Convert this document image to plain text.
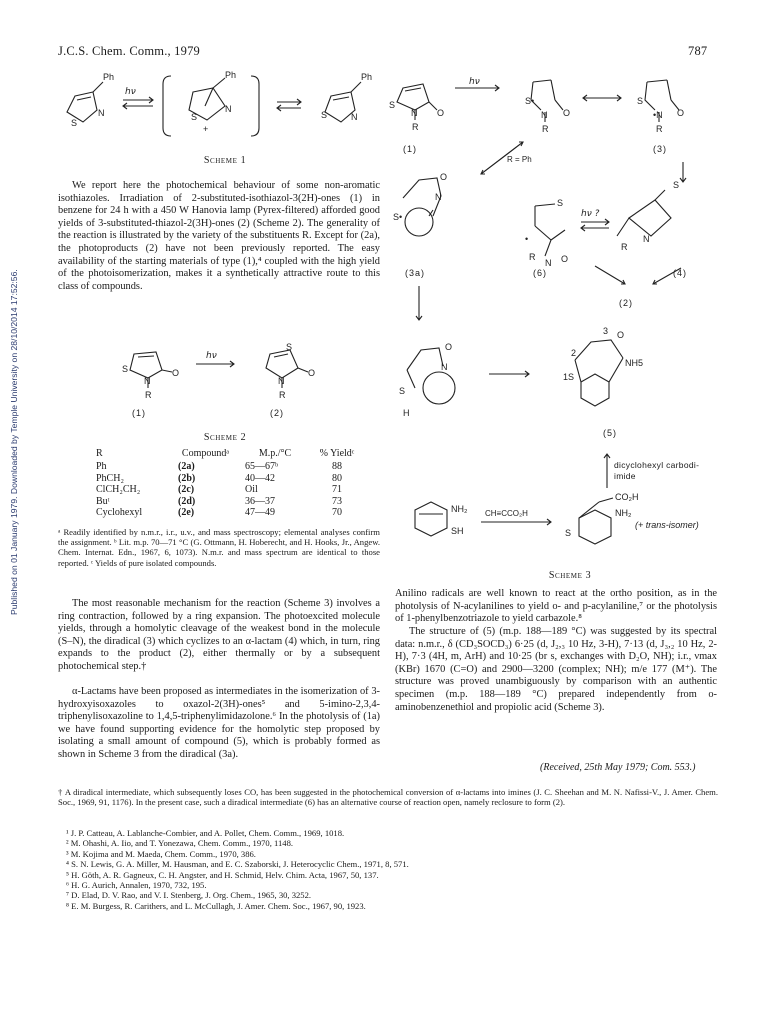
J.C.S. Chem. Comm., 1979	787
Published on 01 January 1979. Downloaded by Temple University on 28/10/2014 17:52:56.
Ph
S
N
Ph
S
N
+
Ph
S	N
hν
Scheme 1
We report here the photochemical behaviour of some non-aromatic isothiazoles. Irradiation of 2-substituted-isothiazol-3(2H)-ones (1) in benzene for 24 h with a 450 W Hanovia lamp (Pyrex-filtered) afforded good yields of 3-substituted-thiazol-2(3H)-ones (2) (Scheme 2). The generality of the reaction is illustrated by the variety of the substituents R. Except for (2a), the photoproducts (2) have not been previously reported. The easy availability of the starting materials of type (1),⁴ coupled with the high yield of the photoisomerization, makes it a synthetically attractive route to this class of compounds.
S
N
O
R
S
N
O
R
hν
(1)	(2)
Scheme 2
R	Compoundᵃ	M.p./°C	% Yieldᶜ
Ph	(2a)	65—67ᵇ	88
PhCH₂	(2b)	40—42	80
ClCH₂CH₂	(2c)	Oil	71
Buᵗ	(2d)	36—37	73
Cyclohexyl	(2e)	47—49	70
ᵃ Readily identified by n.m.r., i.r., u.v., and mass spectroscopy; elemental analyses confirm the assignment. ᵇ Lit. m.p. 70—71 °C (G. Ottmann, H. Hoberecht, and H. Hooks, Jr., Angew. Chem. Internat. Edn., 1967, 6, 1073). N.m.r. and mass spectrum are identical to those reported. ᶜ Yields of pure isolated compounds.
The most reasonable mechanism for the reaction (Scheme 3) involves a ring contraction, followed by a ring expansion. The photoexcited molecule yields, through a homolytic cleavage of the weakest bond in the molecule (S–N), the diradical (3) which cyclizes to an α-lactam (4) which, in turn, ring expands to the product (2), either thermally or by a subsequent photochemical step.†
α-Lactams have been proposed as intermediates in the isomerization of 3-hydroxyisoxazoles to oxazol-2(3H)-ones⁵ and 5-imino-2,3,4-triphenylisoxazoline to 1,4,5-triphenylimidazolone.⁶ In the photolysis of (1a) we have found supporting evidence for the homolytic step proposed by isolating a small amount of compound (5), which is probably formed as shown in Scheme 3 from the diradical (3a).
S
N O
R
S•
N O
R
S
•N O
R
O
N
S•
S
•
R
N O
S
R
N
O
N
S
H
O
3
2
NH5
1S
NH₂
SH
CO₂H
NH₂
S
hν
hν ?
R = Ph
(1)	(3)
(3a)	(6)	(4)
(2)
(5)
CH≡CCO₂H
(+ trans-isomer)
dicyclohexyl carbodi-imide
Scheme 3
Anilino radicals are well known to react at the ortho position, as in the photolysis of N-acylanilines to yield o- and p-acylaniline,⁷ or the photolysis of 1-phenylbenzotriazole to yield carbazole.⁸
The structure of (5) (m.p. 188—189 °C) was suggested by its spectral data: n.m.r., δ (CD₃SOCD₃) 6·25 (d, J₂,₃ 10 Hz, 3-H), 7·13 (d, J₃,₂ 10 Hz, 2-H), 7·3 (4H, m, ArH) and 10·25 (br s, exchanges with D₂O, NH); i.r., νmax (KBr) 1670 (C=O) and 2900—3200 (complex; NH); m/e 177 (M⁺). The structure was proved unambiguously by comparison with an authentic specimen (m.p. 188—189 °C) prepared independently from o-aminobenzenethiol and propiolic acid (Scheme 3).
(Received, 25th May 1979; Com. 553.)
† A diradical intermediate, which subsequently loses CO, has been suggested in the photochemical conversion of α-lactams into imines (J. C. Sheehan and M. N. Nafissi-V., J. Amer. Chem. Soc., 1969, 91, 1176). In the present case, such a diradical intermediate (6) has an alternative course of reaction open, namely reclosure to form (2).
¹ J. P. Catteau, A. Lablanche-Combier, and A. Pollet, Chem. Comm., 1969, 1018.
² M. Ohashi, A. Iio, and T. Yonezawa, Chem. Comm., 1970, 1148.
³ M. Kojima and M. Maeda, Chem. Comm., 1970, 386.
⁴ S. N. Lewis, G. A. Miller, M. Hausman, and E. C. Szaborski, J. Heterocyclic Chem., 1971, 8, 571.
⁵ H. Göth, A. R. Gagneux, C. H. Angster, and H. Schmid, Helv. Chim. Acta, 1967, 50, 137.
⁶ H. G. Aurich, Annalen, 1970, 732, 195.
⁷ D. Elad, D. V. Rao, and V. I. Stenberg, J. Org. Chem., 1965, 30, 3252.
⁸ E. M. Burgess, R. Carithers, and L. McCullagh, J. Amer. Chem. Soc., 1967, 90, 1923.
